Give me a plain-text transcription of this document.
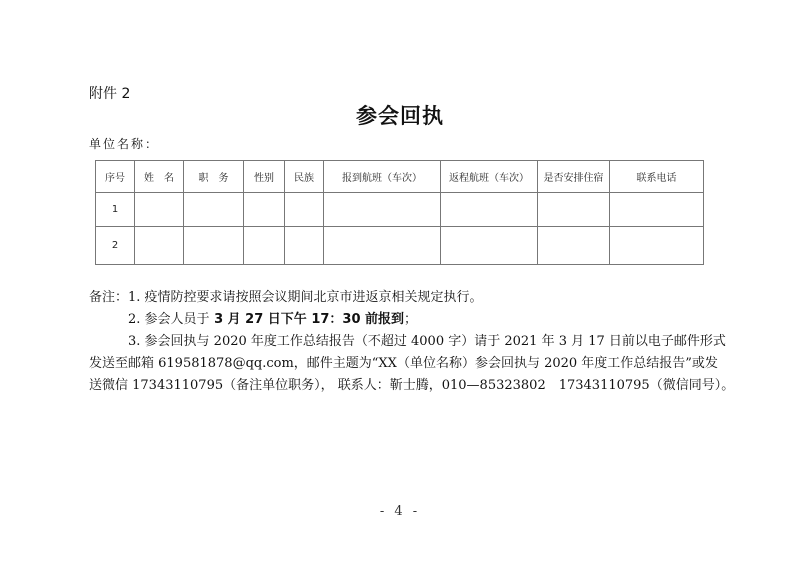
附件 2
参会回执
单位名称：
序号	姓　名	职　务	性别	民族	报到航班（车次）	返程航班（车次）	是否安排住宿	联系电话
1								
2								
备注：1. 疫情防控要求请按照会议期间北京市进返京相关规定执行。
2. 参会人员于 3 月 27 日下午 17：30 前报到；
3. 参会回执与 2020 年度工作总结报告（不超过 4000 字）请于 2021 年 3 月 17 日前以电子邮件形式
发送至邮箱 619581878@qq.com，邮件主题为“XX（单位名称）参会回执与 2020 年度工作总结报告”或发
送微信 17343110795（备注单位职务）， 联系人：靳士腾，010—85323802　17343110795（微信同号）。
- 4 -
